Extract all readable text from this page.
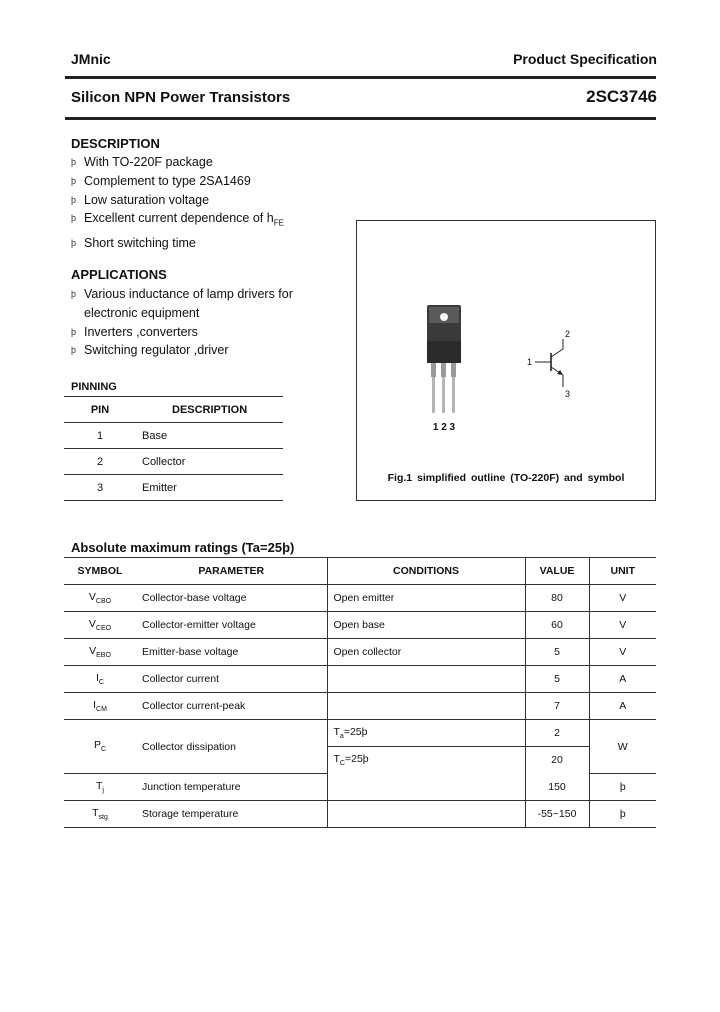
JMnic	Product Specification
Silicon NPN Power Transistors	2SC3746
DESCRIPTION
þ With TO-220F package
þ Complement to type 2SA1469
þ Low saturation voltage
þ Excellent current dependence of $h_{FE}$
þ Short switching time
APPLICATIONS
þ Various inductance of lamp drivers for
electronic equipment
þ Inverters ,converters
þ Switching regulator ,driver
PINNING
PIN	DESCRIPTION
1	Base
2	Collector
3	Emitter
1 2 3
1
2
3
Fig.1 simplified outline (TO-220F) and symbol
Absolute maximum ratings (Ta=25þ)
SYMBOL	PARAMETER	CONDITIONS	VALUE	UNIT
$V_{CBO}$	Collector-base voltage	Open emitter	80	V
$V_{CEO}$	Collector-emitter voltage	Open base	60	V
$V_{EBO}$	Emitter-base voltage	Open collector	5	V
$I_C$	Collector current		5	A
$I_{CM}$	Collector current-peak		7	A
$P_C$	Collector dissipation	$T_a=25þ$	2	W
		$T_C=25þ$	20	
$T_j$	Junction temperature		150	þ
$T_{stg}$	Storage temperature		-55~150	þ
